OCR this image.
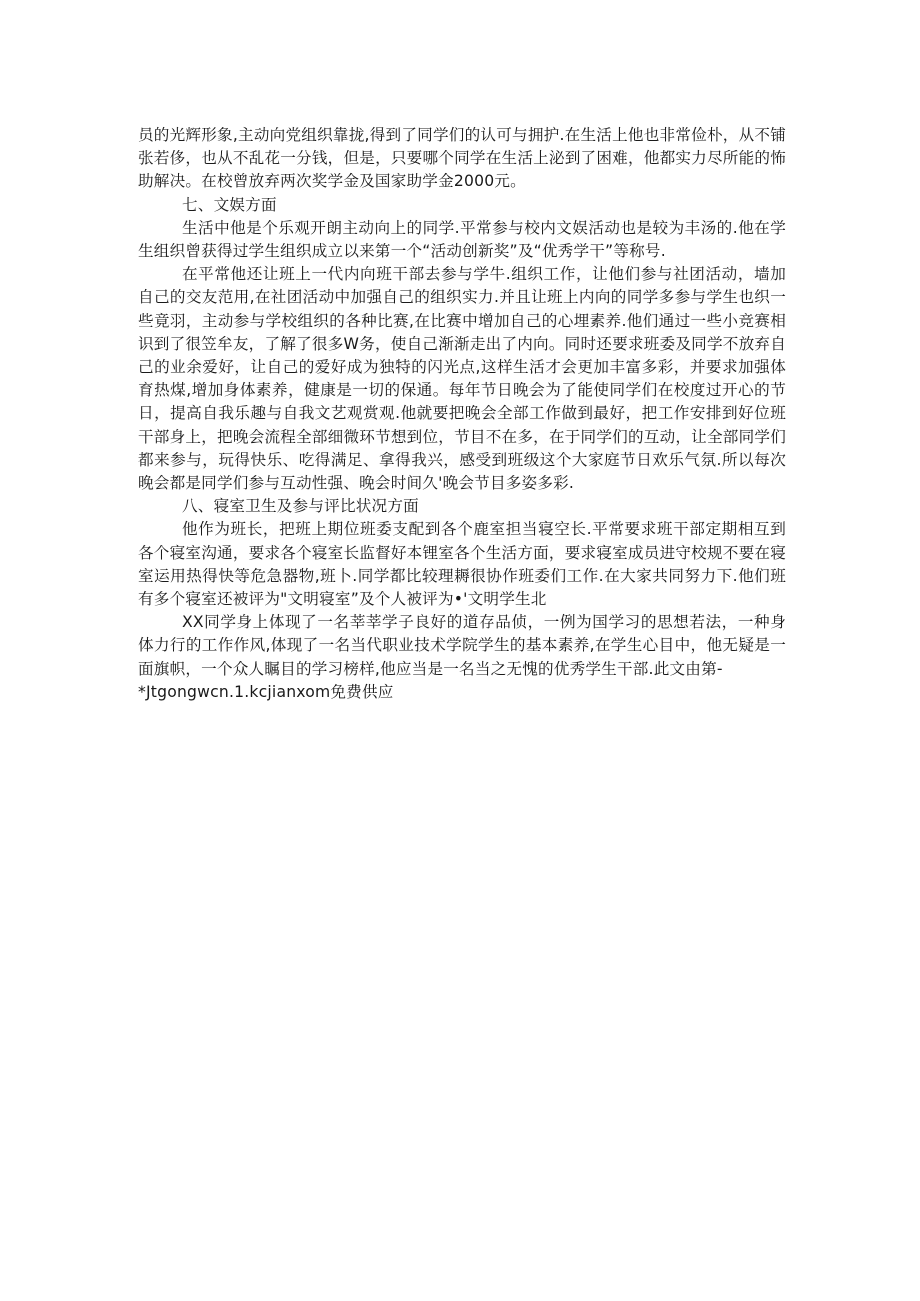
员的光辉形象,主动向党组织靠拢,得到了同学们的认可与拥护.在生活上他也非常俭朴，从不铺张若侈，也从不乱花一分钱，但是，只要哪个同学在生活上泌到了困难，他都实力尽所能的怖助解决。在校曾放弃两次奖学金及国家助学金2000元。

七、文娱方面

生活中他是个乐观开朗主动向上的同学.平常参与校内文娱活动也是较为丰汤的.他在学生组织曾获得过学生组织成立以来第一个“活动创新奖”及“优秀学干”等称号.

在平常他还让班上一代内向班干部去参与学牛.组织工作，让他们参与社团活动，墙加自己的交友范用,在社团活动中加强自己的组织实力.并且让班上内向的同学多参与学生也织一些竟羽，主动参与学校组织的各种比赛,在比赛中增加自己的心埋素养.他们通过一些小竞赛相识到了很笠牟友，了解了很多W务，使自己渐渐走出了内向。同时还要求班委及同学不放弃自己的业余爱好，让自己的爱好成为独特的闪光点,这样生活才会更加丰富多彩，并要求加强体育热煤,增加身体素养，健康是一切的保通。每年节日晚会为了能使同学们在校度过开心的节日，提高自我乐趣与自我文艺观赏观.他就要把晚会全部工作做到最好，把工作安排到好位班干部身上，把晚会流程全部细微环节想到位，节目不在多，在于同学们的互动，让全部同学们都来参与，玩得快乐、吃得满足、拿得我兴，感受到班级这个大家庭节日欢乐气氛.所以每次晚会都是同学们参与互动性强、晚会时间久'晚会节目多姿多彩.

八、寝室卫生及参与评比状况方面

他作为班长，把班上期位班委支配到各个鹿室担当寝空长.平常要求班干部定期相互到各个寝室沟通，要求各个寝室长监督好本锂室各个生活方面，要求寝室成员进守校规不要在寝室运用热得快等危急器物,班卜.同学都比较理耨很协作班委们工作.在大家共同努力下.他们班有多个寝室还被评为"文明寝室”及个人被评为•'文明学生北

XX同学身上体现了一名莘莘学子良好的道存品侦，一例为国学习的思想若法，一种身体力行的工作作风,体现了一名当代职业技术学院学生的基本素养,在学生心目中，他无疑是一面旗帜，一个众人瞩目的学习榜样,他应当是一名当之无愧的优秀学生干部.此文由第-

*Jtgongwcn.1.kcjianxom免费供应
